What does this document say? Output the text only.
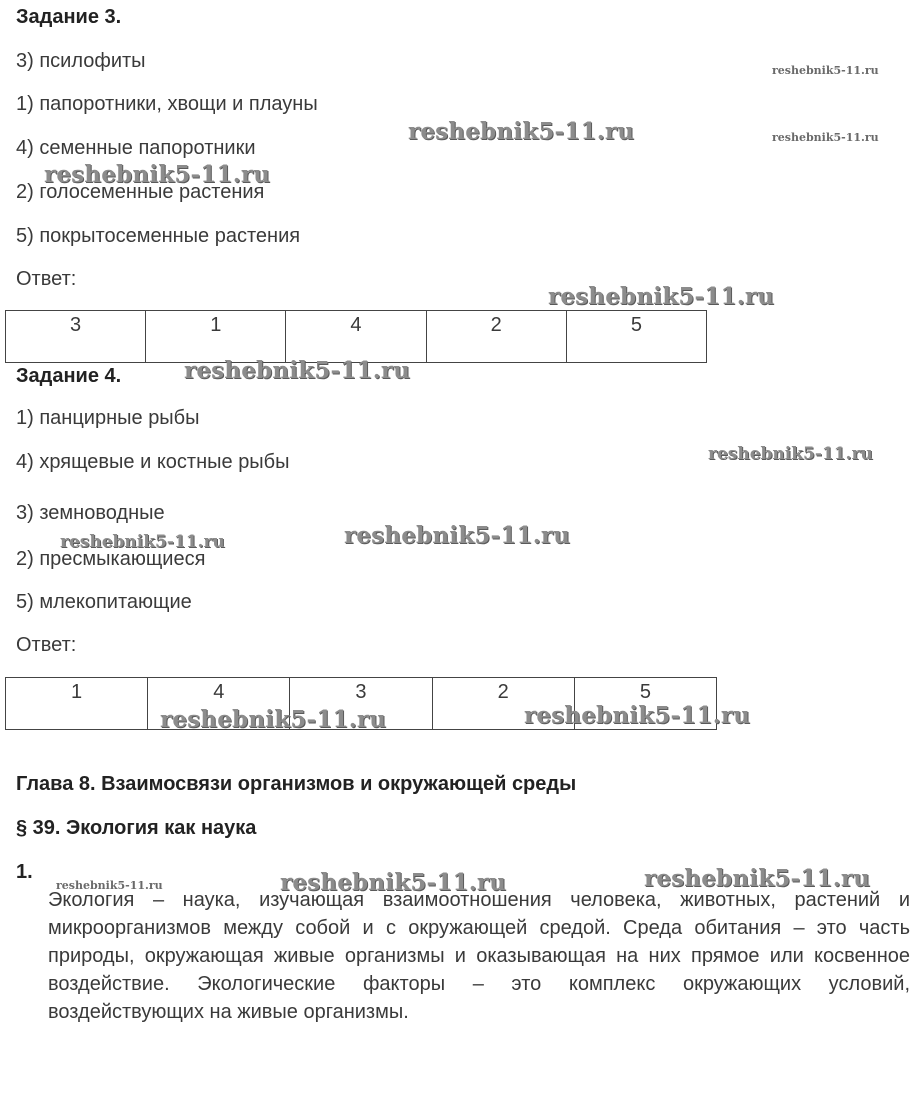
Задание 3.
3) псилофиты
1) папоротники, хвощи и плауны
4) семенные папоротники
2) голосеменные растения
5) покрытосеменные растения
Ответ:
3	1	4	2	5
Задание 4.
1) панцирные рыбы
4) хрящевые и костные рыбы
3) земноводные
2) пресмыкающиеся
5) млекопитающие
Ответ:
1	4	3	2	5
Глава 8. Взаимосвязи организмов и окружающей среды
§ 39. Экология как наука
1.
Экология – наука, изучающая взаимоотношения человека, животных, растений и микроорганизмов между собой и с окружающей средой. Среда обитания – это часть природы, окружающая живые организмы и оказывающая на них прямое или косвенное воздействие. Экологические факторы – это комплекс окружающих условий, воздействующих на живые организмы.
reshebnik5-11.ru
reshebnik5-11.ru	reshebnik5-11.ru
reshebnik5-11.ru
reshebnik5-11.ru
reshebnik5-11.ru
reshebnik5-11.ru
reshebnik5-11.ru
reshebnik5-11.ru
reshebnik5-11.ru	reshebnik5-11.ru
reshebnik5-11.ru	reshebnik5-11.ru	reshebnik5-11.ru
